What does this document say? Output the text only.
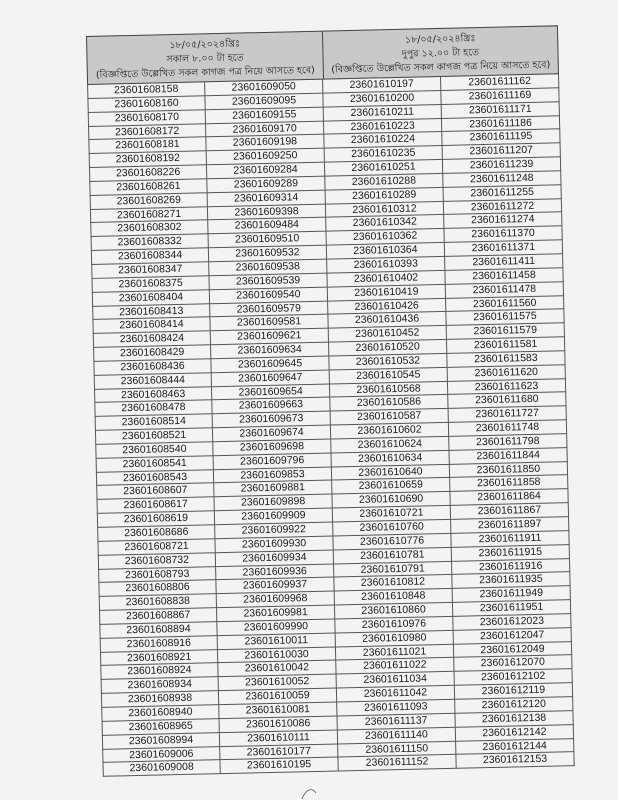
১৮/০৫/২০২৪খ্রিঃ
সকাল ৮.০০ টা হতে
(বিজ্ঞপ্তিতে উল্লেখিত সকল কাগজ পত্র নিয়ে আসতে হবে)
১৮/০৫/২০২৪খ্রিঃ
দুপুর ১২.০০ টা হতে
(বিজ্ঞপ্তিতে উল্লেখিত সকল কাগজ পত্র নিয়ে আসতে হবে)
23601608158	23601609050	23601610197	23601611162
23601608160	23601609095	23601610200	23601611169
23601608170	23601609155	23601610211	23601611171
23601608172	23601609170	23601610223	23601611186
23601608181	23601609198	23601610224	23601611195
23601608192	23601609250	23601610235	23601611207
23601608226	23601609284	23601610251	23601611239
23601608261	23601609289	23601610288	23601611248
23601608269	23601609314	23601610289	23601611255
23601608271	23601609398	23601610312	23601611272
23601608302	23601609484	23601610342	23601611274
23601608332	23601609510	23601610362	23601611370
23601608344	23601609532	23601610364	23601611371
23601608347	23601609538	23601610393	23601611411
23601608375	23601609539	23601610402	23601611458
23601608404	23601609540	23601610419	23601611478
23601608413	23601609579	23601610426	23601611560
23601608414	23601609581	23601610436	23601611575
23601608424	23601609621	23601610452	23601611579
23601608429	23601609634	23601610520	23601611581
23601608436	23601609645	23601610532	23601611583
23601608444	23601609647	23601610545	23601611620
23601608463	23601609654	23601610568	23601611623
23601608478	23601609663	23601610586	23601611680
23601608514	23601609673	23601610587	23601611727
23601608521	23601609674	23601610602	23601611748
23601608540	23601609698	23601610624	23601611798
23601608541	23601609796	23601610634	23601611844
23601608543	23601609853	23601610640	23601611850
23601608607	23601609881	23601610659	23601611858
23601608617	23601609898	23601610690	23601611864
23601608619	23601609909	23601610721	23601611867
23601608686	23601609922	23601610760	23601611897
23601608721	23601609930	23601610776	23601611911
23601608732	23601609934	23601610781	23601611915
23601608793	23601609936	23601610791	23601611916
23601608806	23601609937	23601610812	23601611935
23601608838	23601609968	23601610848	23601611949
23601608867	23601609981	23601610860	23601611951
23601608894	23601609990	23601610976	23601612023
23601608916	23601610011	23601610980	23601612047
23601608921	23601610030	23601611021	23601612049
23601608924	23601610042	23601611022	23601612070
23601608934	23601610052	23601611034	23601612102
23601608938	23601610059	23601611042	23601612119
23601608940	23601610081	23601611093	23601612120
23601608965	23601610086	23601611137	23601612138
23601608994	23601610111	23601611140	23601612142
23601609006	23601610177	23601611150	23601612144
23601609008	23601610195	23601611152	23601612153
